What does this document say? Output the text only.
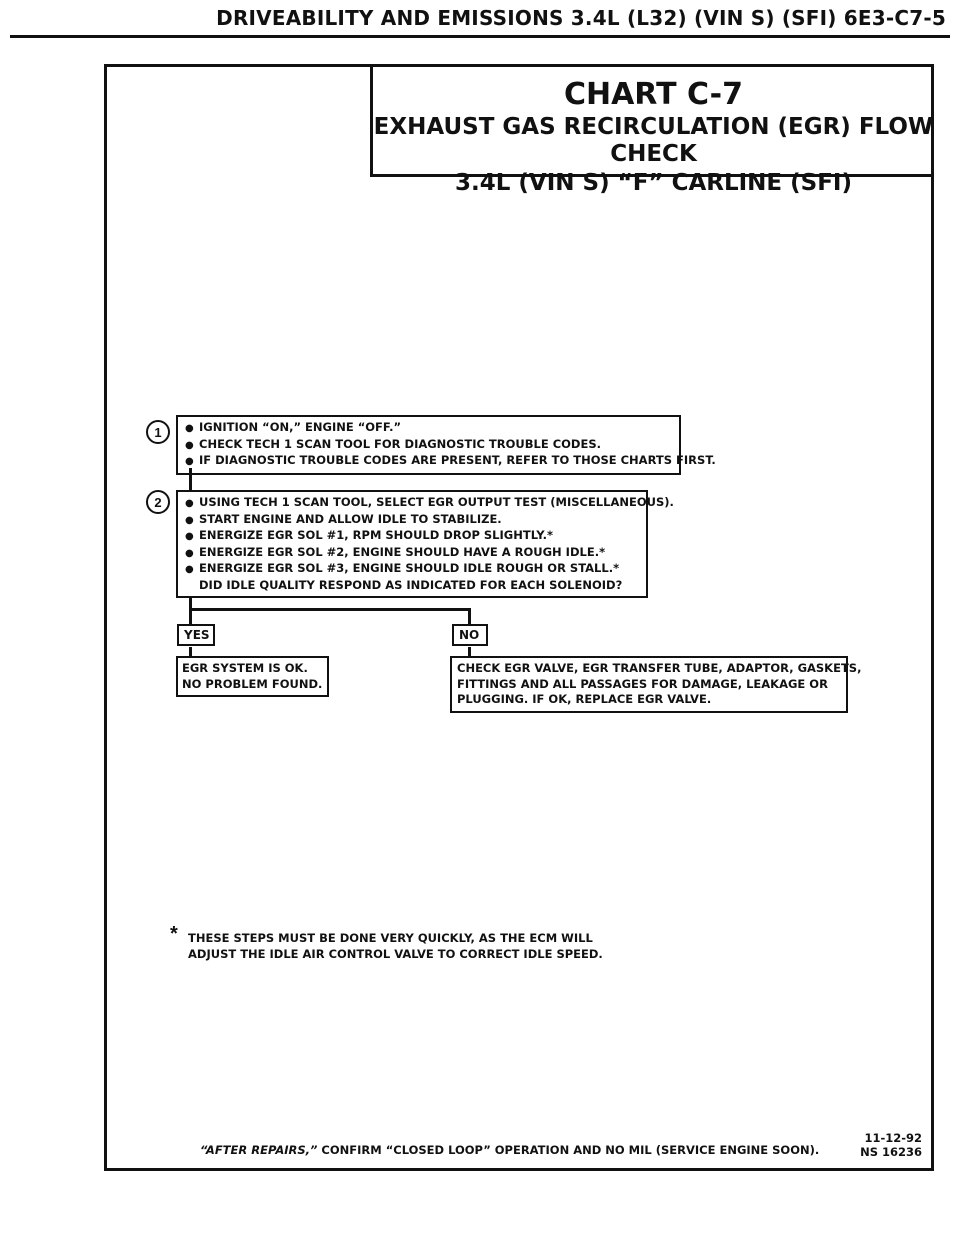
DRIVEABILITY AND EMISSIONS 3.4L (L32) (VIN S) (SFI) 6E3-C7-5
CHART C-7
EXHAUST GAS RECIRCULATION (EGR) FLOW CHECK
3.4L (VIN S) “F” CARLINE (SFI)
1 ●	IGNITION “ON,” ENGINE “OFF.”
●CHECK TECH 1 SCAN TOOL FOR DIAGNOSTIC TROUBLE CODES.
●IF DIAGNOSTIC TROUBLE CODES ARE PRESENT, REFER TO THOSE CHARTS FIRST.
2 ●	USING TECH 1 SCAN TOOL, SELECT EGR OUTPUT TEST (MISCELLANEOUS).
●START ENGINE AND ALLOW IDLE TO STABILIZE.
●ENERGIZE EGR SOL #1, RPM SHOULD DROP SLIGHTLY.*
●ENERGIZE EGR SOL #2, ENGINE SHOULD HAVE A ROUGH IDLE.*
●ENERGIZE EGR SOL #3, ENGINE SHOULD IDLE ROUGH OR STALL.*
DID IDLE QUALITY RESPOND AS INDICATED FOR EACH SOLENOID?
YES	NO
EGR SYSTEM IS OK.
NO PROBLEM FOUND.
CHECK EGR VALVE, EGR TRANSFER TUBE, ADAPTOR, GASKETS,
FITTINGS AND ALL PASSAGES FOR DAMAGE, LEAKAGE OR
PLUGGING. IF OK, REPLACE EGR VALVE.
* THESE STEPS MUST BE DONE VERY QUICKLY, AS THE ECM WILL
ADJUST THE IDLE AIR CONTROL VALVE TO CORRECT IDLE SPEED.
“AFTER REPAIRS,” CONFIRM “CLOSED LOOP” OPERATION AND NO MIL (SERVICE ENGINE SOON).
11-12-92
NS 16236
